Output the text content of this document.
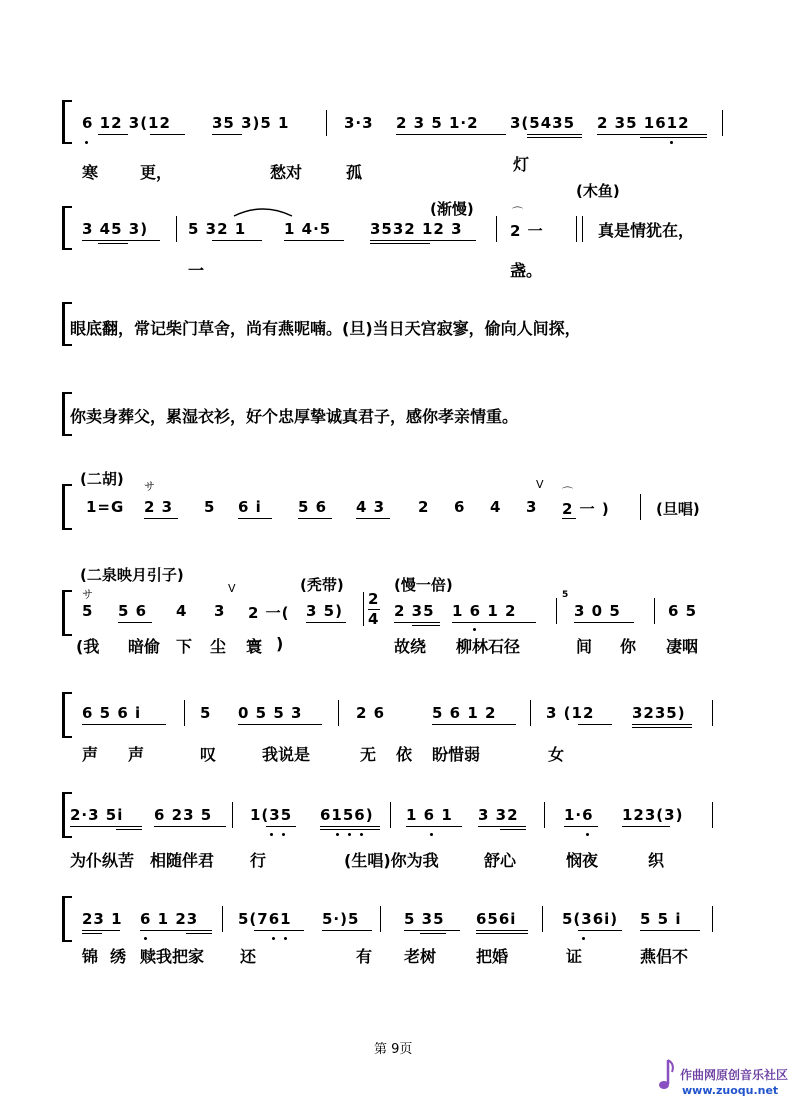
6 12 3(12	35 3)5 1	3·3 2 3 5 1·2 3(5435 2 35 1612
寒	更，	愁对	孤	灯
(木鱼)
(渐慢)
3 45 3)	5 32 1	1 4·5	3532 12 3
⌒
2 一	真是情犹在，
一	盏。
眼底翻，常记柴门草舍，尚有燕呢喃。(旦)当日天宫寂寥，偷向人间探，
你卖身葬父，累湿衣衫，好个忠厚挚诚真君子，感你孝亲情重。
(二胡) サ	V
⌒
1=G 2 3 5 6 i 5 6 4 3 2 6 4 3 2 一 )	(旦唱)
(二泉映月引子)
(秃带)	(慢一倍)
V
サ
5 5 6 4 3 2 一( 3 5)
2
4 2 35 1 6 1 2
5
3 0 5	6 5
(我 暗偷 下 尘 寰 )	故绕 柳林石径	间 你 凄咽
6 5 6 i	5 0 5 5 3	2 6	5 6 1 2	3 (12	3235)
声 声	叹	我说是	无 依 盼惜弱	女
2·3 5i 6 23 5	1(35 6156) 1 6 1 3 32	1·6 123(3)
为仆纵苦 相随伴君 行	(生唱)你为我	舒心	悯夜	织
23 1 6 1 23	5(761 5·)5	5 35 656i	5(36i) 5 5 i
锦 绣 赎我把家 还	有 老树 把婚	证	燕侣不
第 9页
作曲网原创音乐社区
www.zuoqu.net
